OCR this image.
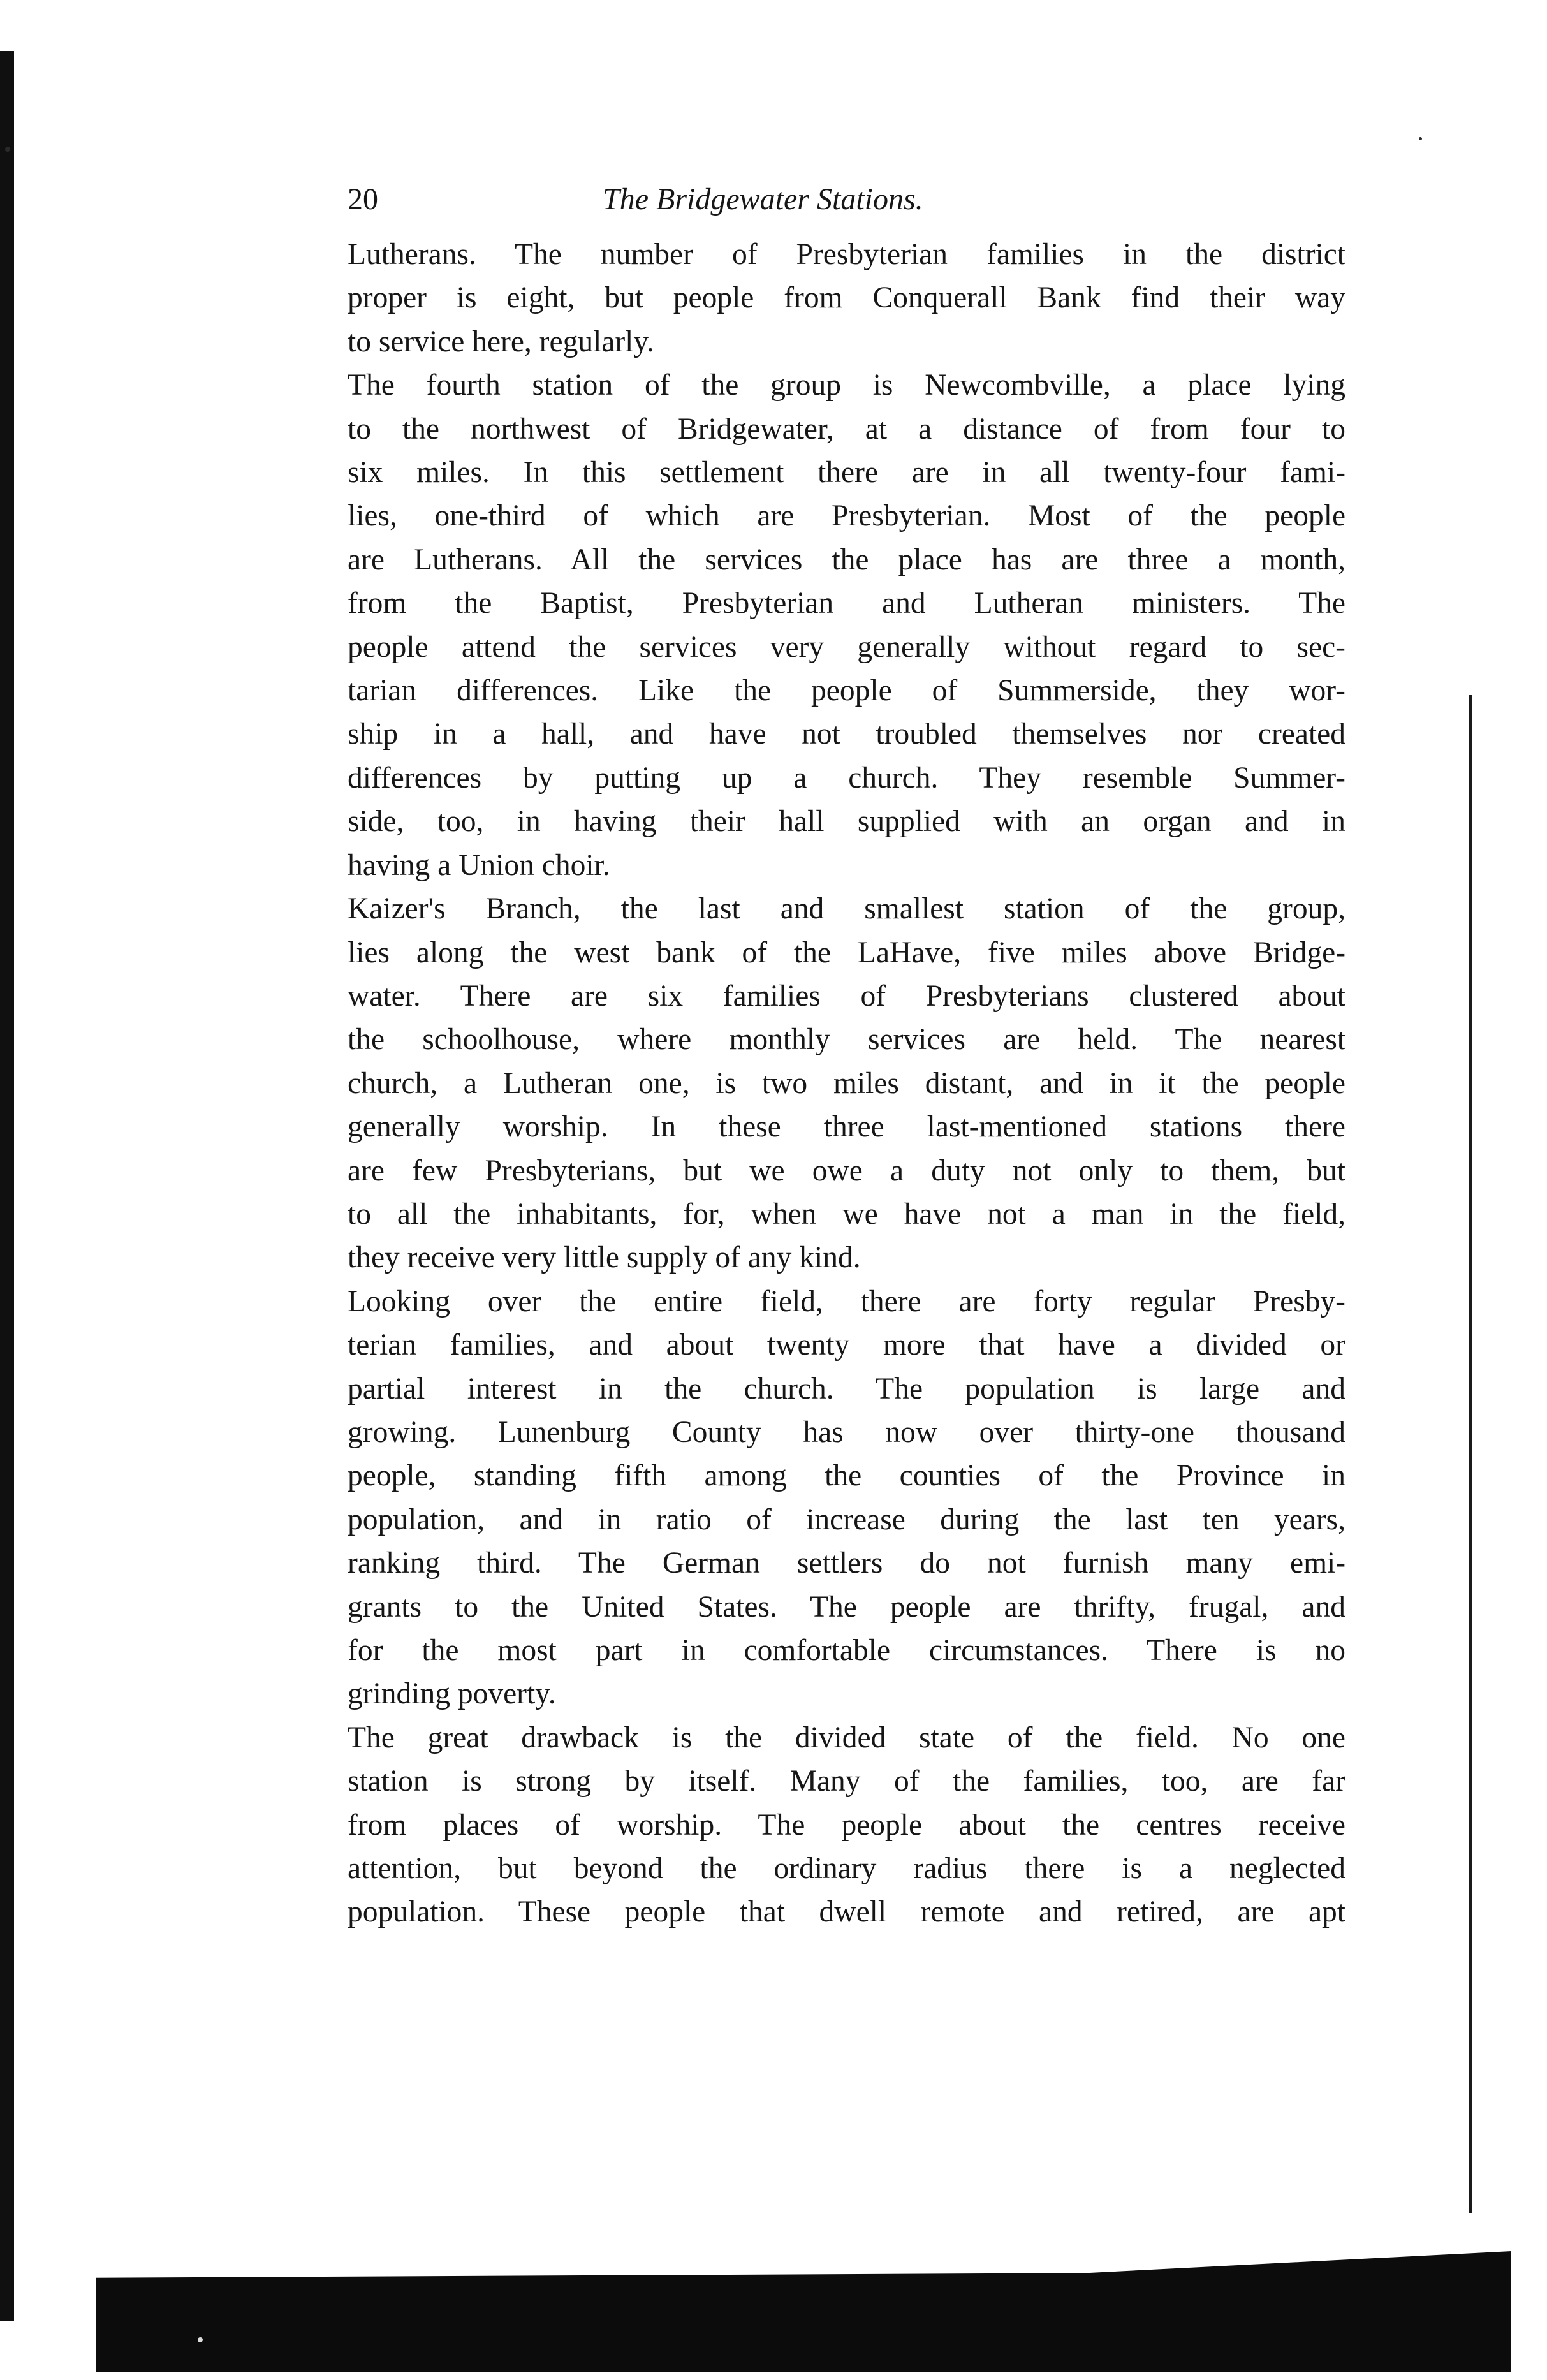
20	The Bridgewater Stations.
Lutherans. The number of Presbyterian families in the district
proper is eight, but people from Conquerall Bank find their way
to service here, regularly.
The fourth station of the group is Newcombville, a place lying
to the northwest of Bridgewater, at a distance of from four to
six miles. In this settlement there are in all twenty-four fami-
lies, one-third of which are Presbyterian. Most of the people
are Lutherans. All the services the place has are three a month,
from the Baptist, Presbyterian and Lutheran ministers. The
people attend the services very generally without regard to sec-
tarian differences. Like the people of Summerside, they wor-
ship in a hall, and have not troubled themselves nor created
differences by putting up a church. They resemble Summer-
side, too, in having their hall supplied with an organ and in
having a Union choir.
Kaizer's Branch, the last and smallest station of the group,
lies along the west bank of the LaHave, five miles above Bridge-
water. There are six families of Presbyterians clustered about
the schoolhouse, where monthly services are held. The nearest
church, a Lutheran one, is two miles distant, and in it the people
generally worship. In these three last-mentioned stations there
are few Presbyterians, but we owe a duty not only to them, but
to all the inhabitants, for, when we have not a man in the field,
they receive very little supply of any kind.
Looking over the entire field, there are forty regular Presby-
terian families, and about twenty more that have a divided or
partial interest in the church. The population is large and
growing. Lunenburg County has now over thirty-one thousand
people, standing fifth among the counties of the Province in
population, and in ratio of increase during the last ten years,
ranking third. The German settlers do not furnish many emi-
grants to the United States. The people are thrifty, frugal, and
for the most part in comfortable circumstances. There is no
grinding poverty.
The great drawback is the divided state of the field. No one
station is strong by itself. Many of the families, too, are far
from places of worship. The people about the centres receive
attention, but beyond the ordinary radius there is a neglected
population. These people that dwell remote and retired, are apt
